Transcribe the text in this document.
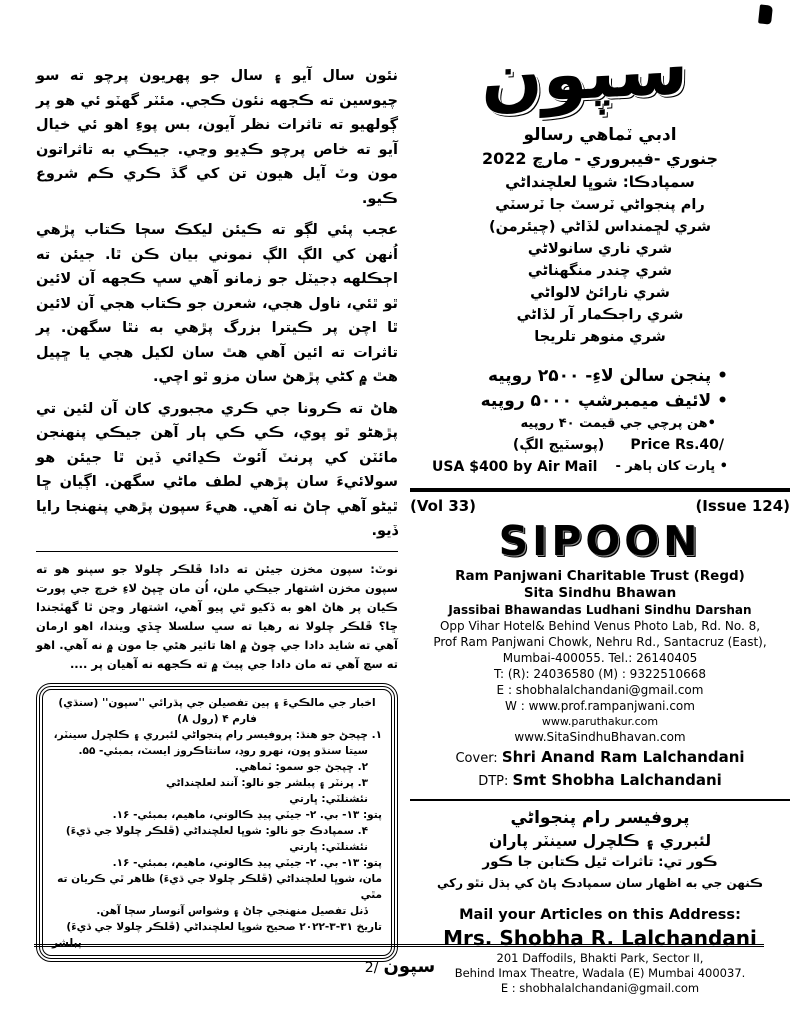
نئون سال آيو ۽ سال جو پهريون پرچو ته سو چيوسين ته ڪجهه نئون ڪجي. مئٽر گهٽو ئي هو پر ڳولهيو ته تاثرات نظر آيون، بس پوءِ اهو ئي خيال آيو ته خاص پرچو ڪڍيو وڃي. جيڪي به تاثراتون مون وٽ آيل هيون تن کي گڏ ڪري ڪم شروع ڪيو.

عجب پئي لڳو ته ڪيئن ليکڪ سڄا ڪتاب پڙهي اُنهن کي الڳ الڳ نموني بيان ڪن ٿا. جيئن ته اڄڪلهه ڊجيٽل جو زمانو آهي سڀ ڪجهه آن لائين ٿو ٿئي، ناول هجي، شعرن جو ڪتاب هجي آن لائين ٿا اچن پر ڪيترا بزرگ پڙهي به نٿا سگهن. پر تاثرات ته ائين آهي هٿ سان لکيل هجي يا ڇپيل هٿ ۾ کڻي پڙهڻ سان مزو ٿو اچي.

هاڻ ته ڪرونا جي ڪري مجبوري کان آن لئين تي پڙهڻو ٿو پوي، ڪي ڪي ٻار آهن جيڪي پنهنجن مائٽن کي پرنٽ آئوٽ ڪڍائي ڏين ٿا جيئن هو سولائيءَ سان پڙهي لطف ماڻي سگهن. اڳيان ڇا ٿيڻو آهي ڄاڻ نه آهي. هيءَ سپون پڙهي پنهنجا رايا ڏيو.

نوٽ: سپون مخزن جيئن ته دادا ڦلڪر چلولا جو سپنو هو ته سپون مخزن اشتهار جيڪي ملن، اُن مان ڇپڻ لاءِ خرچ جي پورت ڪيان پر هاڻ اهو به ڏکيو ٿي پيو آهي، اشتهار وڃن ٿا گهٽجندا ڇا؟ ڦلڪر چلولا نه رهيا ته سڀ سلسلا ڇڏي ويندا، اهو ارمان آهي ته شايد دادا جي چوڻ ۾ اها تاثير هئي جا مون ۾ نه آهي. اهو ته سچ آهي ته مان دادا جي پيٽ ۾ ته ڪجهه نه آهيان پر ....

اخبار جي مالڪيءَ ۽ ٻين تفصيلن جي پڌرائي ''سپون'' (سنڌي)
فارم ۴ (رول ۸)
۱. ڇپجڻ جو هنڌ: پروفيسر رام پنجواڻي لئبرري ۽ ڪلچرل سينٽر،
سيتا سنڌو ڀون، نهرو روڊ، سانتاڪروز ايسٽ، بمبئي- ۵۵.
۲. ڇپجڻ جو سمو: ٽماهي.
۳. پرنٽر ۽ پبلشر جو نالو: آنند لعلچنداڻي
نئشنلٽي: ڀارتي
پتو: ۱۳- بي. ۲- جيٽي پيڊ ڪالوني، ماهيم، بمبئي- ۱۶.
۴. سمپادڪ جو نالو: شوڀا لعلچنداڻي (ڦلڪر چلولا جي ڌيءَ)
نئشنلٽي: ڀارتي
پتو: ۱۳- بي. ۲- جيٽي پيڊ ڪالوني، ماهيم، بمبئي- ۱۶.
مان، شوڀا لعلچنداڻي (ڦلڪر چلولا جي ڌيءَ) ظاهر ٿي ڪريان ته مٿي
ڏنل تفصيل منهنجي ڄاڻ ۽ وشواس آنوسار سڄا آهن.
تاريخ ۳۱-۳-۲۰۲۲ صحيح شوڀا لعلچنداڻي (ڦلڪر چلولا جي ڌيءَ)
پبلشر
سپون
ادبي ٽماهي رسالو
جنوري -فيبروري - مارچ 2022
سمپادڪا: شوڀا لعلچنداڻي
رام پنجواڻي ٽرسٽ جا ٽرسٽي
شري لڇمنداس لڏاڻي (چيئرمن)
شري ناري سانولاڻي
شري چندر منگهناڻي
شري نارائڻ لالواڻي
شري راجڪمار آر لڏاڻي
شري منوهر تلريجا
• پنجن سالن لاءِ- ۲۵۰۰ روپيه
• لائيف ميمبرشپ ۵۰۰۰ روپيه
•هن پرچي جي قيمت ۴۰ روپيه
(پوسٽيج الڳ) Price Rs.40/
• ڀارت کان ٻاهر -
USA $400 by Air Mail
(Vol 33)	(Issue 124)
SIPOON
Ram Panjwani Charitable Trust (Regd)
Sita Sindhu Bhawan
Jassibai Bhawandas Ludhani Sindhu Darshan
Opp Vihar Hotel& Behind Venus Photo Lab, Rd. No. 8,
Prof Ram Panjwani Chowk, Nehru Rd., Santacruz (East),
Mumbai-400055. Tel.: 26140405
T: (R): 24036580 (M) : 9322510668
E : shobhalalchandani@gmail.com
W : www.prof.rampanjwani.com
www.paruthakur.com
www.SitaSindhuBhavan.com
Cover: Shri Anand Ram Lalchandani
DTP: Smt Shobha Lalchandani
پروفيسر رام پنجواڻي
لئبرري ۽ ڪلچرل سينٽر پاران
ڪور تي: تاثرات ٿيل ڪتابن جا ڪور
ڪنهن جي به اظهار سان سمپادڪ پاڻ کي ٻڌل نٿو رکي
Mail your Articles on this Address:
Mrs. Shobha R. Lalchandani
201 Daffodils, Bhakti Park, Sector II,
Behind Imax Theatre, Wadala (E) Mumbai 400037.
E : shobhalalchandani@gmail.com
2/ سپون
